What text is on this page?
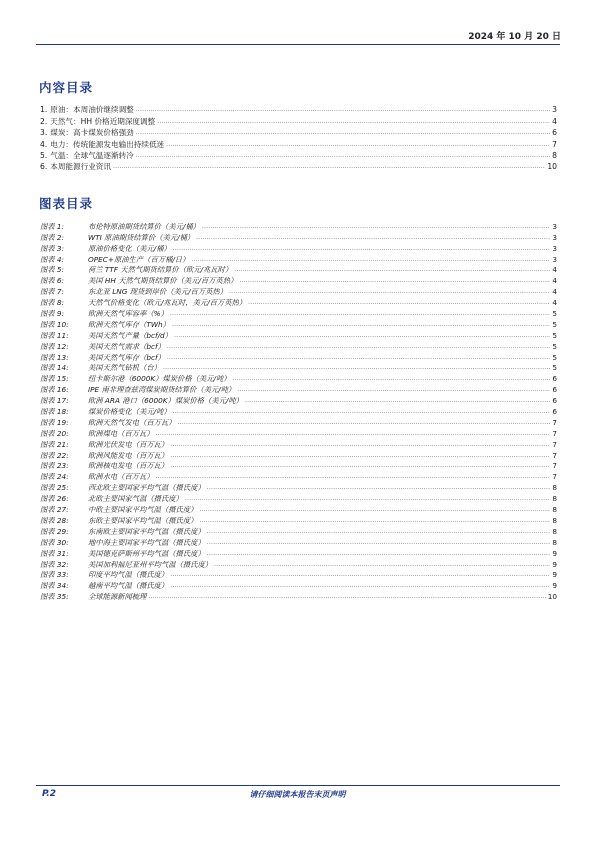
2024 年 10 月 20 日
内容目录
1. 原油：本周油价继续调整 .....	3
2. 天然气：HH 价格近期深度调整 .....	4
3. 煤炭：高卡煤炭价格强劲 .....	6
4. 电力：传统能源发电输出持续低迷 .....	7
5. 气温：全球气温逐渐转冷 .....	8
6. 本周能源行业资讯 .....	10
图表目录
图表 1:	布伦特原油期货结算价（美元/桶） .....	3
图表 2:	WTI 原油期货结算价（美元/桶） .....	3
图表 3:	原油价格变化（美元/桶） .....	3
图表 4:	OPEC+原油生产（百万桶/日） .....	3
图表 5:	荷兰 TTF 天然气期货结算价（欧元/兆瓦时） .....	4
图表 6:	美国 HH 天然气期货结算价（美元/百万英热） .....	4
图表 7:	东北亚 LNG 现货到岸价（美元/百万英热） .....	4
图表 8:	天然气价格变化（欧元/兆瓦时，美元/百万英热） .....	4
图表 9:	欧洲天然气库容率（%） .....	5
图表 10:	欧洲天然气库存（TWh） .....	5
图表 11:	美国天然气产量（bcf/d） .....	5
图表 12:	美国天然气需求（bcf） .....	5
图表 13:	美国天然气库存（bcf） .....	5
图表 14:	美国天然气钻机（台） .....	5
图表 15:	纽卡斯尔港（6000K）煤炭价格（美元/吨） .....	6
图表 16:	IPE 南非理查兹湾煤炭期货结算价（美元/吨） .....	6
图表 17:	欧洲 ARA 港口（6000K）煤炭价格（美元/吨） .....	6
图表 18:	煤炭价格变化（美元/吨） .....	6
图表 19:	欧洲天然气发电（百万瓦） .....	7
图表 20:	欧洲煤电（百万瓦） .....	7
图表 21:	欧洲光伏发电（百万瓦） .....	7
图表 22:	欧洲风能发电（百万瓦） .....	7
图表 23:	欧洲核电发电（百万瓦） .....	7
图表 24:	欧洲水电（百万瓦） .....	7
图表 25:	西北欧主要国家平均气温（摄氏度） .....	8
图表 26:	北欧主要国家气温（摄氏度） .....	8
图表 27:	中欧主要国家平均气温（摄氏度） .....	8
图表 28:	东欧主要国家平均气温（摄氏度） .....	8
图表 29:	东南欧主要国家平均气温（摄氏度） .....	8
图表 30:	地中海主要国家平均气温（摄氏度） .....	8
图表 31:	美国德克萨斯州平均气温（摄氏度） .....	9
图表 32:	美国加利福尼亚州平均气温（摄氏度） .....	9
图表 33:	印度平均气温（摄氏度） .....	9
图表 34:	越南平均气温（摄氏度） .....	9
图表 35:	全球能源新闻梳理 .....	10
P.2	请仔细阅读本报告末页声明
